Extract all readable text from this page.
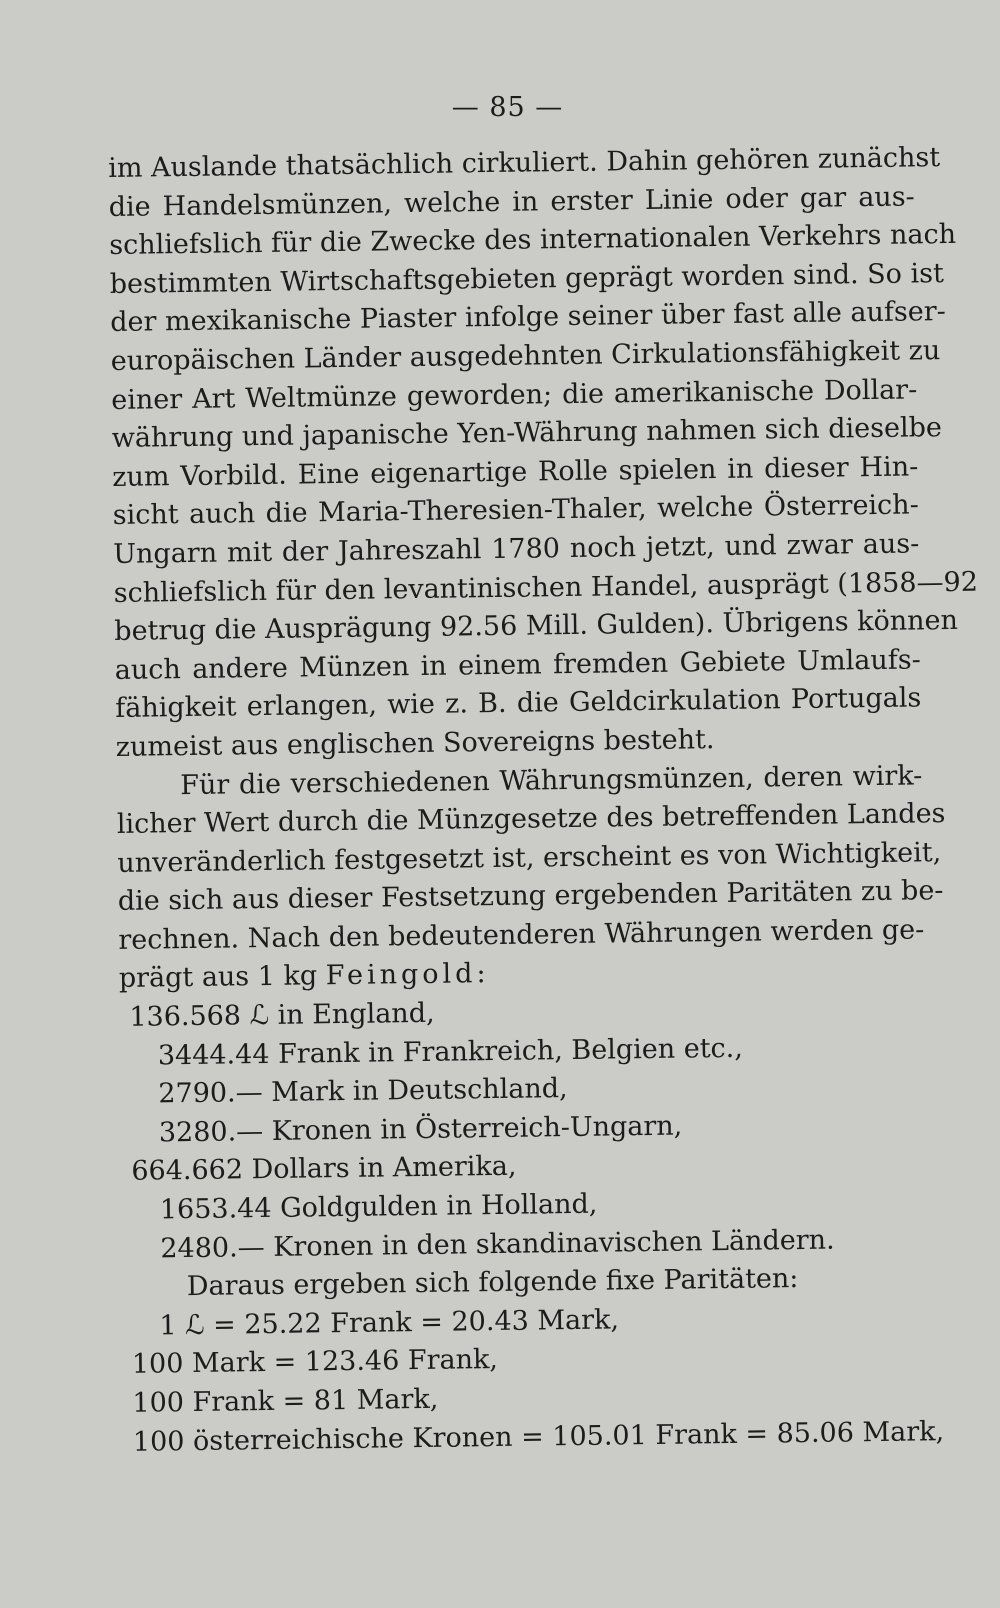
— 85 —
im Auslande thatsächlich cirkuliert. Dahin gehören zunächst
die Handelsmünzen, welche in erster Linie oder gar aus-
schliefslich für die Zwecke des internationalen Verkehrs nach
bestimmten Wirtschaftsgebieten geprägt worden sind. So ist
der mexikanische Piaster infolge seiner über fast alle aufser-
europäischen Länder ausgedehnten Cirkulationsfähigkeit zu
einer Art Weltmünze geworden; die amerikanische Dollar-
währung und japanische Yen-Währung nahmen sich dieselbe
zum Vorbild. Eine eigenartige Rolle spielen in dieser Hin-
sicht auch die Maria-Theresien-Thaler, welche Österreich-
Ungarn mit der Jahreszahl 1780 noch jetzt, und zwar aus-
schliefslich für den levantinischen Handel, ausprägt (1858—92
betrug die Ausprägung 92.56 Mill. Gulden). Übrigens können
auch andere Münzen in einem fremden Gebiete Umlaufs-
fähigkeit erlangen, wie z. B. die Geldcirkulation Portugals
zumeist aus englischen Sovereigns besteht.
Für die verschiedenen Währungsmünzen, deren wirk-
licher Wert durch die Münzgesetze des betreffenden Landes
unveränderlich festgesetzt ist, erscheint es von Wichtigkeit,
die sich aus dieser Festsetzung ergebenden Paritäten zu be-
rechnen. Nach den bedeutenderen Währungen werden ge-
prägt aus 1 kg Feingold:
136.568 ℒ in England,
3444.44 Frank in Frankreich, Belgien etc.,
2790.— Mark in Deutschland,
3280.— Kronen in Österreich-Ungarn,
664.662 Dollars in Amerika,
1653.44 Goldgulden in Holland,
2480.— Kronen in den skandinavischen Ländern.
Daraus ergeben sich folgende fixe Paritäten:
1 ℒ = 25.22 Frank = 20.43 Mark,
100 Mark = 123.46 Frank,
100 Frank = 81 Mark,
100 österreichische Kronen = 105.01 Frank = 85.06 Mark,
